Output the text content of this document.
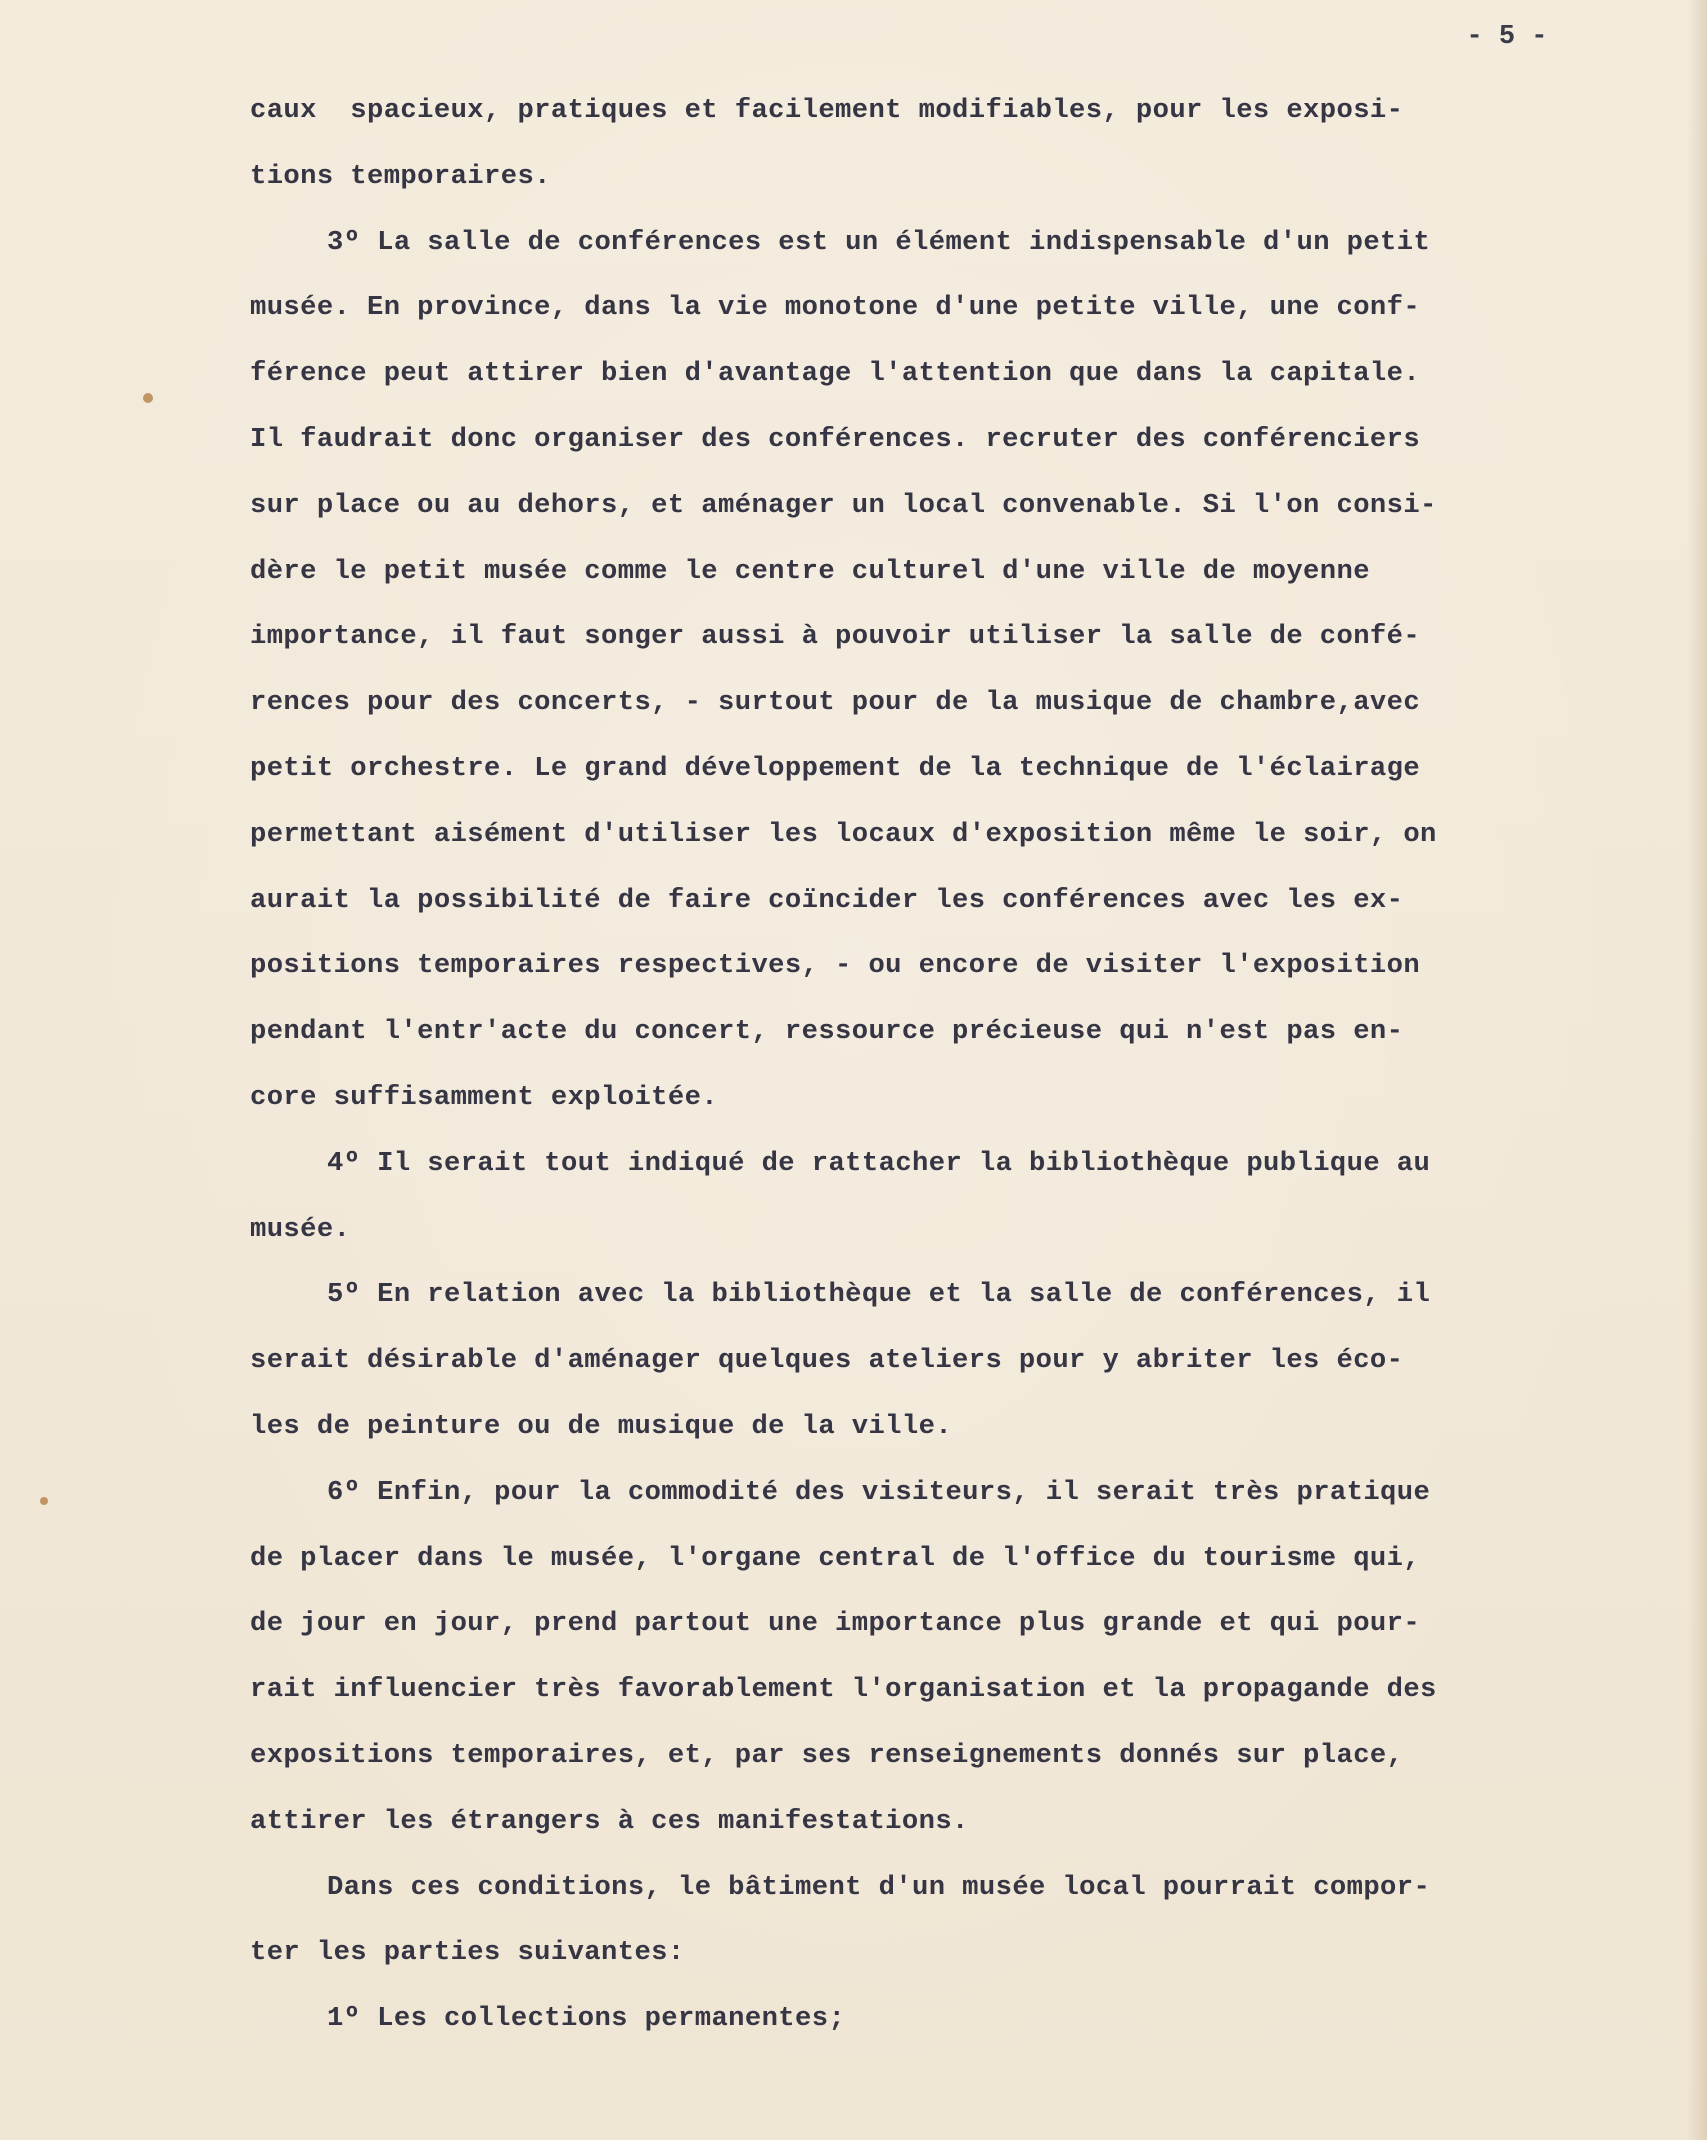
- 5 -
caux  spacieux, pratiques et facilement modifiables, pour les exposi-
tions temporaires.
3º La salle de conférences est un élément indispensable d'un petit
musée. En province, dans la vie monotone d'une petite ville, une conf-
férence peut attirer bien d'avantage l'attention que dans la capitale.
Il faudrait donc organiser des conférences. recruter des conférenciers
sur place ou au dehors, et aménager un local convenable. Si l'on consi-
dère le petit musée comme le centre culturel d'une ville de moyenne
importance, il faut songer aussi à pouvoir utiliser la salle de confé-
rences pour des concerts, - surtout pour de la musique de chambre,avec
petit orchestre. Le grand développement de la technique de l'éclairage
permettant aisément d'utiliser les locaux d'exposition même le soir, on
aurait la possibilité de faire coïncider les conférences avec les ex-
positions temporaires respectives, - ou encore de visiter l'exposition
pendant l'entr'acte du concert, ressource précieuse qui n'est pas en-
core suffisamment exploitée.
4º Il serait tout indiqué de rattacher la bibliothèque publique au
musée.
5º En relation avec la bibliothèque et la salle de conférences, il
serait désirable d'aménager quelques ateliers pour y abriter les éco-
les de peinture ou de musique de la ville.
6º Enfin, pour la commodité des visiteurs, il serait très pratique
de placer dans le musée, l'organe central de l'office du tourisme qui,
de jour en jour, prend partout une importance plus grande et qui pour-
rait influencier très favorablement l'organisation et la propagande des
expositions temporaires, et, par ses renseignements donnés sur place,
attirer les étrangers à ces manifestations.
Dans ces conditions, le bâtiment d'un musée local pourrait compor-
ter les parties suivantes:
1º Les collections permanentes;
